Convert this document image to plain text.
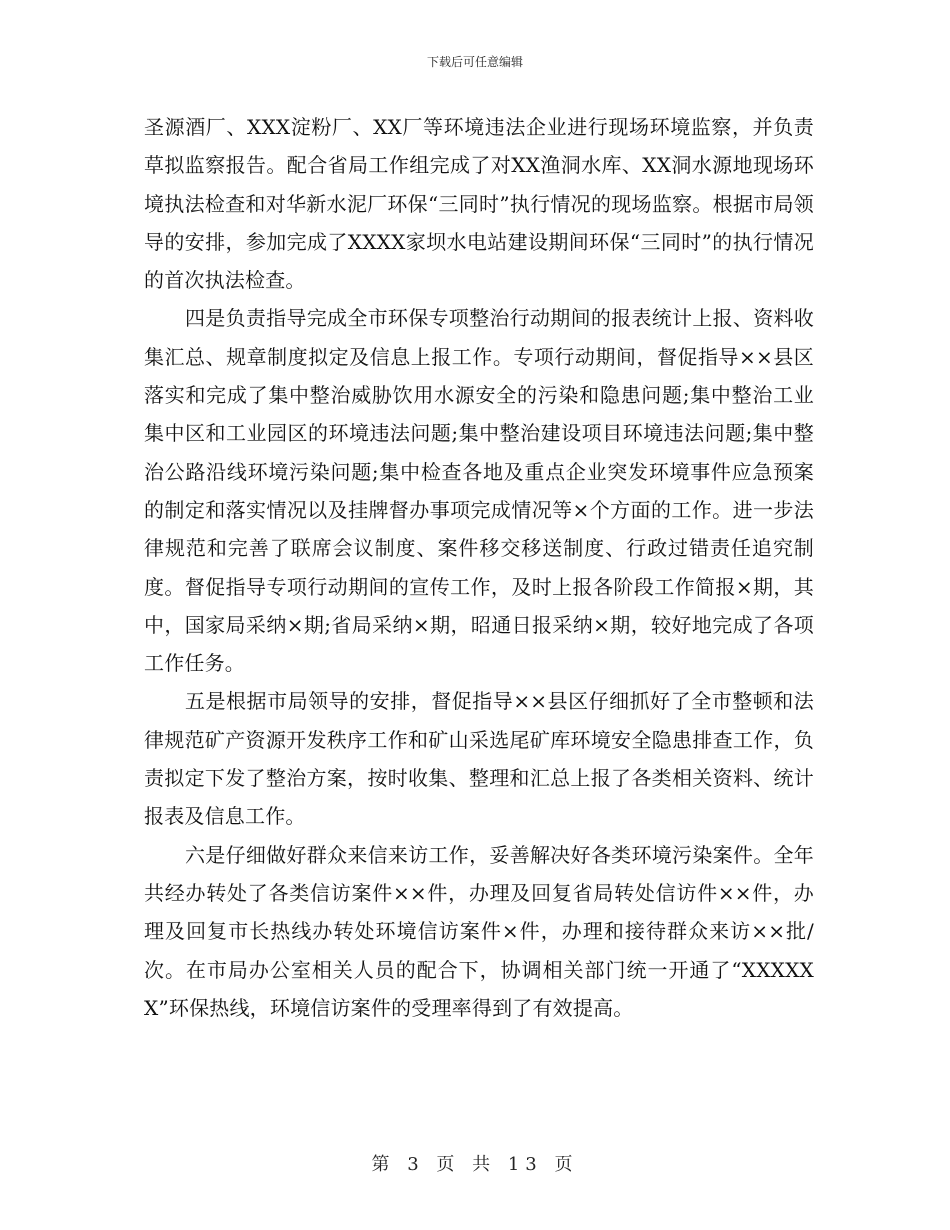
下载后可任意编辑

圣源酒厂、XXX淀粉厂、XX厂等环境违法企业进行现场环境监察，并负责草拟监察报告。配合省局工作组完成了对XX渔洞水库、XX洞水源地现场环境执法检查和对华新水泥厂环保“三同时”执行情况的现场监察。根据市局领导的安排，参加完成了XXXX家坝水电站建设期间环保“三同时”的执行情况的首次执法检查。

四是负责指导完成全市环保专项整治行动期间的报表统计上报、资料收集汇总、规章制度拟定及信息上报工作。专项行动期间，督促指导××县区落实和完成了集中整治威胁饮用水源安全的污染和隐患问题;集中整治工业集中区和工业园区的环境违法问题;集中整治建设项目环境违法问题;集中整治公路沿线环境污染问题;集中检查各地及重点企业突发环境事件应急预案的制定和落实情况以及挂牌督办事项完成情况等×个方面的工作。进一步法律规范和完善了联席会议制度、案件移交移送制度、行政过错责任追究制度。督促指导专项行动期间的宣传工作，及时上报各阶段工作简报×期，其中，国家局采纳×期;省局采纳×期，昭通日报采纳×期，较好地完成了各项工作任务。

五是根据市局领导的安排，督促指导××县区仔细抓好了全市整顿和法律规范矿产资源开发秩序工作和矿山采选尾矿库环境安全隐患排查工作，负责拟定下发了整治方案，按时收集、整理和汇总上报了各类相关资料、统计报表及信息工作。

六是仔细做好群众来信来访工作，妥善解决好各类环境污染案件。全年共经办转处了各类信访案件××件，办理及回复省局转处信访件××件，办理及回复市长热线办转处环境信访案件×件，办理和接待群众来访××批/次。在市局办公室相关人员的配合下，协调相关部门统一开通了“XXXXXX”环保热线，环境信访案件的受理率得到了有效提高。

第 3 页 共 13 页
